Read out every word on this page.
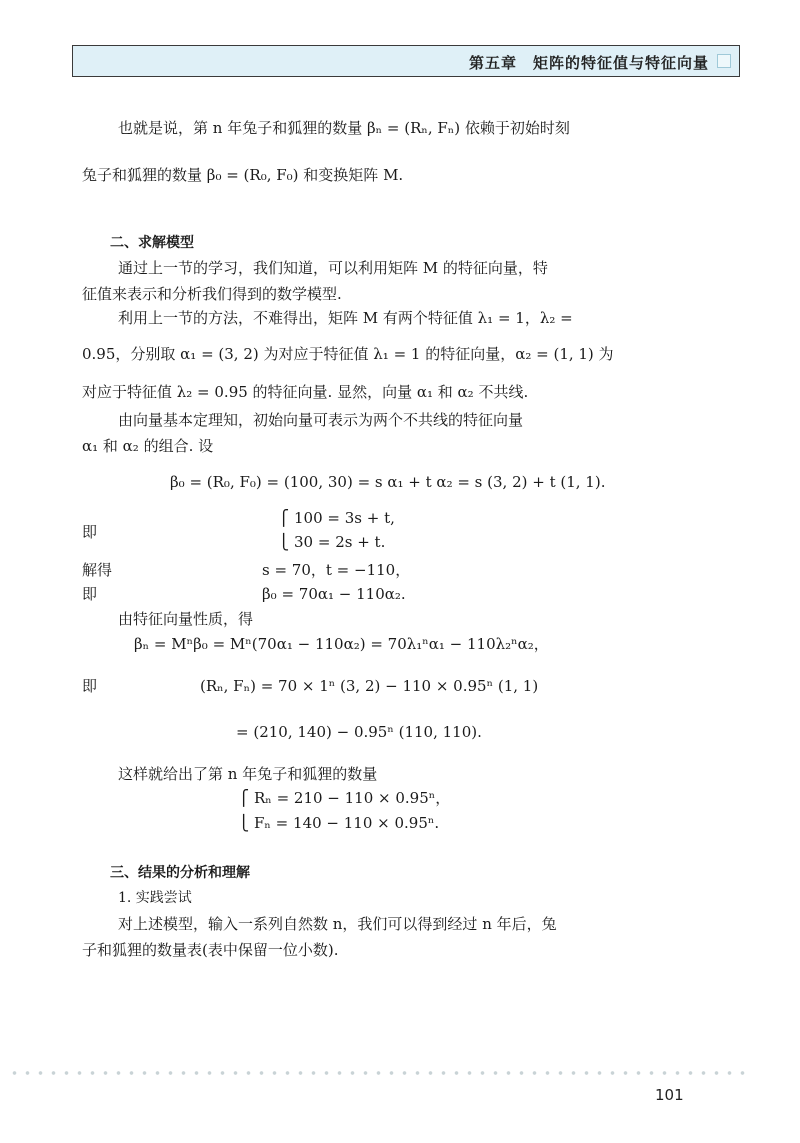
第五章　矩阵的特征值与特征向量
也就是说，第 n 年兔子和狐狸的数量 βₙ = (Rₙ, Fₙ) 依赖于初始时刻
兔子和狐狸的数量 β₀ = (R₀, F₀) 和变换矩阵 M.
二、求解模型
通过上一节的学习，我们知道，可以利用矩阵 M 的特征向量，特
征值来表示和分析我们得到的数学模型.
利用上一节的方法，不难得出，矩阵 M 有两个特征值 λ₁ = 1，λ₂ =
0.95，分别取 α₁ = (3, 2) 为对应于特征值 λ₁ = 1 的特征向量，α₂ = (1, 1) 为
对应于特征值 λ₂ = 0.95 的特征向量. 显然，向量 α₁ 和 α₂ 不共线.
由向量基本定理知，初始向量可表示为两个不共线的特征向量
α₁ 和 α₂ 的组合. 设
β₀ = (R₀, F₀) = (100, 30) = s α₁ + t α₂ = s (3, 2) + t (1, 1).
即
⎧ 100 = 3s + t,
⎩ 30 = 2s + t.
解得	s = 70，t = −110，
即	β₀ = 70α₁ − 110α₂.
由特征向量性质，得
βₙ = Mⁿβ₀ = Mⁿ(70α₁ − 110α₂) = 70λ₁ⁿα₁ − 110λ₂ⁿα₂，
即	(Rₙ, Fₙ) = 70 × 1ⁿ (3, 2) − 110 × 0.95ⁿ (1, 1)
= (210, 140) − 0.95ⁿ (110, 110).
这样就给出了第 n 年兔子和狐狸的数量
⎧ Rₙ = 210 − 110 × 0.95ⁿ，
⎩ Fₙ = 140 − 110 × 0.95ⁿ.
三、结果的分析和理解
1. 实践尝试
对上述模型，输入一系列自然数 n，我们可以得到经过 n 年后，兔
子和狐狸的数量表(表中保留一位小数).
101
